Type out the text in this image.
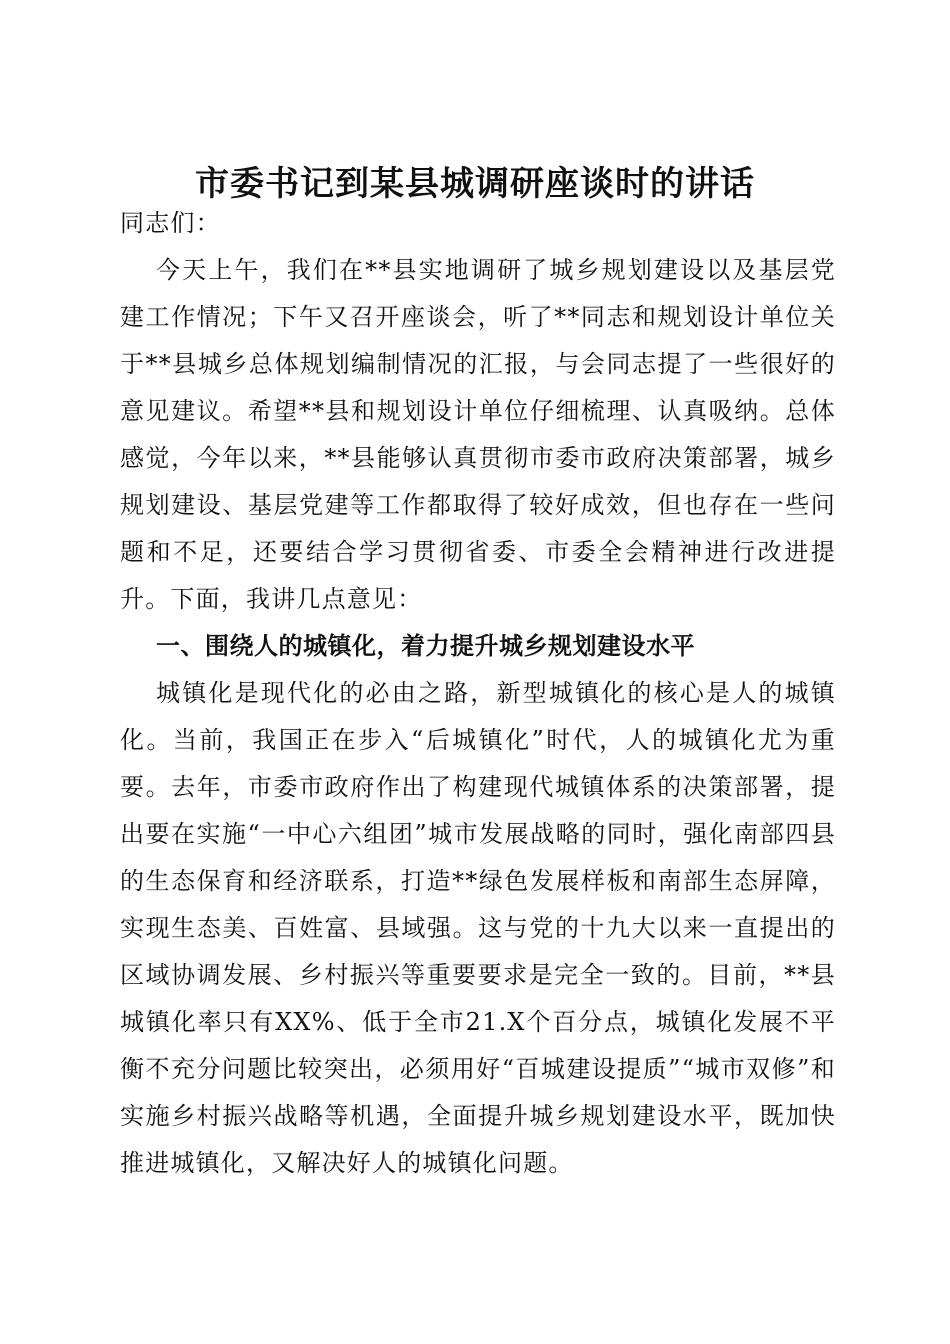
市委书记到某县城调研座谈时的讲话

同志们：

今天上午，我们在**县实地调研了城乡规划建设以及基层党建工作情况；下午又召开座谈会，听了**同志和规划设计单位关于**县城乡总体规划编制情况的汇报，与会同志提了一些很好的意见建议。希望**县和规划设计单位仔细梳理、认真吸纳。总体感觉，今年以来，**县能够认真贯彻市委市政府决策部署，城乡规划建设、基层党建等工作都取得了较好成效，但也存在一些问题和不足，还要结合学习贯彻省委、市委全会精神进行改进提升。下面，我讲几点意见：

一、围绕人的城镇化，着力提升城乡规划建设水平

城镇化是现代化的必由之路，新型城镇化的核心是人的城镇化。当前，我国正在步入“后城镇化”时代，人的城镇化尤为重要。去年，市委市政府作出了构建现代城镇体系的决策部署，提出要在实施“一中心六组团”城市发展战略的同时，强化南部四县的生态保育和经济联系，打造**绿色发展样板和南部生态屏障，实现生态美、百姓富、县域强。这与党的十九大以来一直提出的区域协调发展、乡村振兴等重要要求是完全一致的。目前，**县城镇化率只有XX%、低于全市21.X个百分点，城镇化发展不平衡不充分问题比较突出，必须用好“百城建设提质”“城市双修”和实施乡村振兴战略等机遇，全面提升城乡规划建设水平，既加快推进城镇化，又解决好人的城镇化问题。
